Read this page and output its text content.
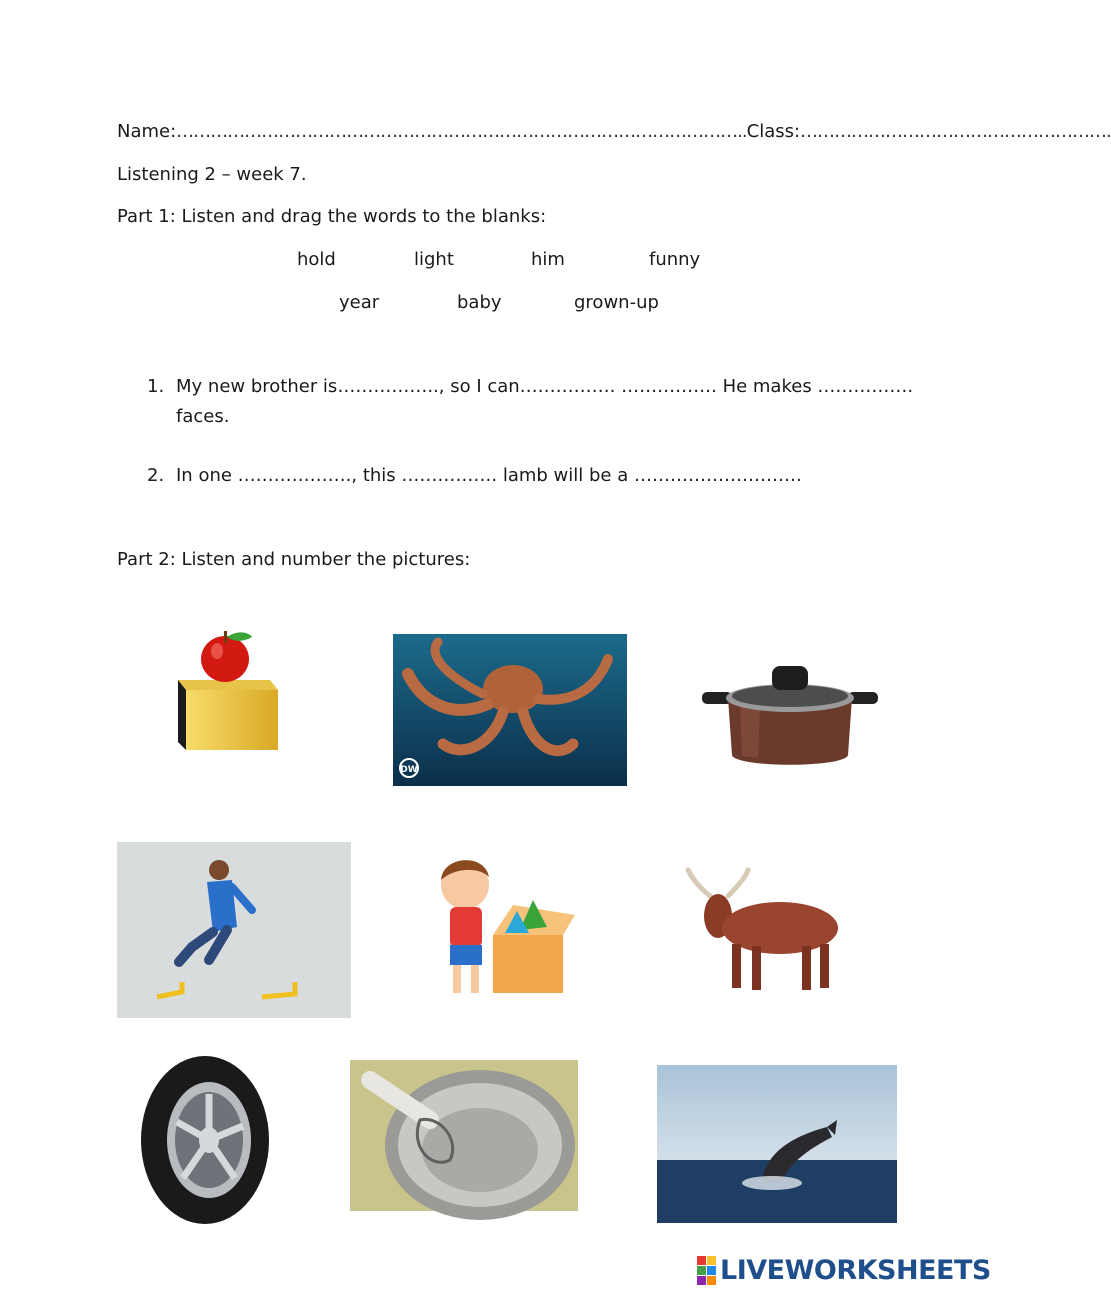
Name:………………………………………………………………………………………..Class:……………………………………………….
Listening 2 – week 7.
Part 1: Listen and drag the words to the blanks:
hold	light	him	funny
year	baby	grown-up
1. My new brother is…………….., so I can……………. ……………. He makes …………….
faces.
2. In one ………………., this ……………. lamb will be a ……………………….
Part 2: Listen and number the pictures:
DW
LIVEWORKSHEETS
